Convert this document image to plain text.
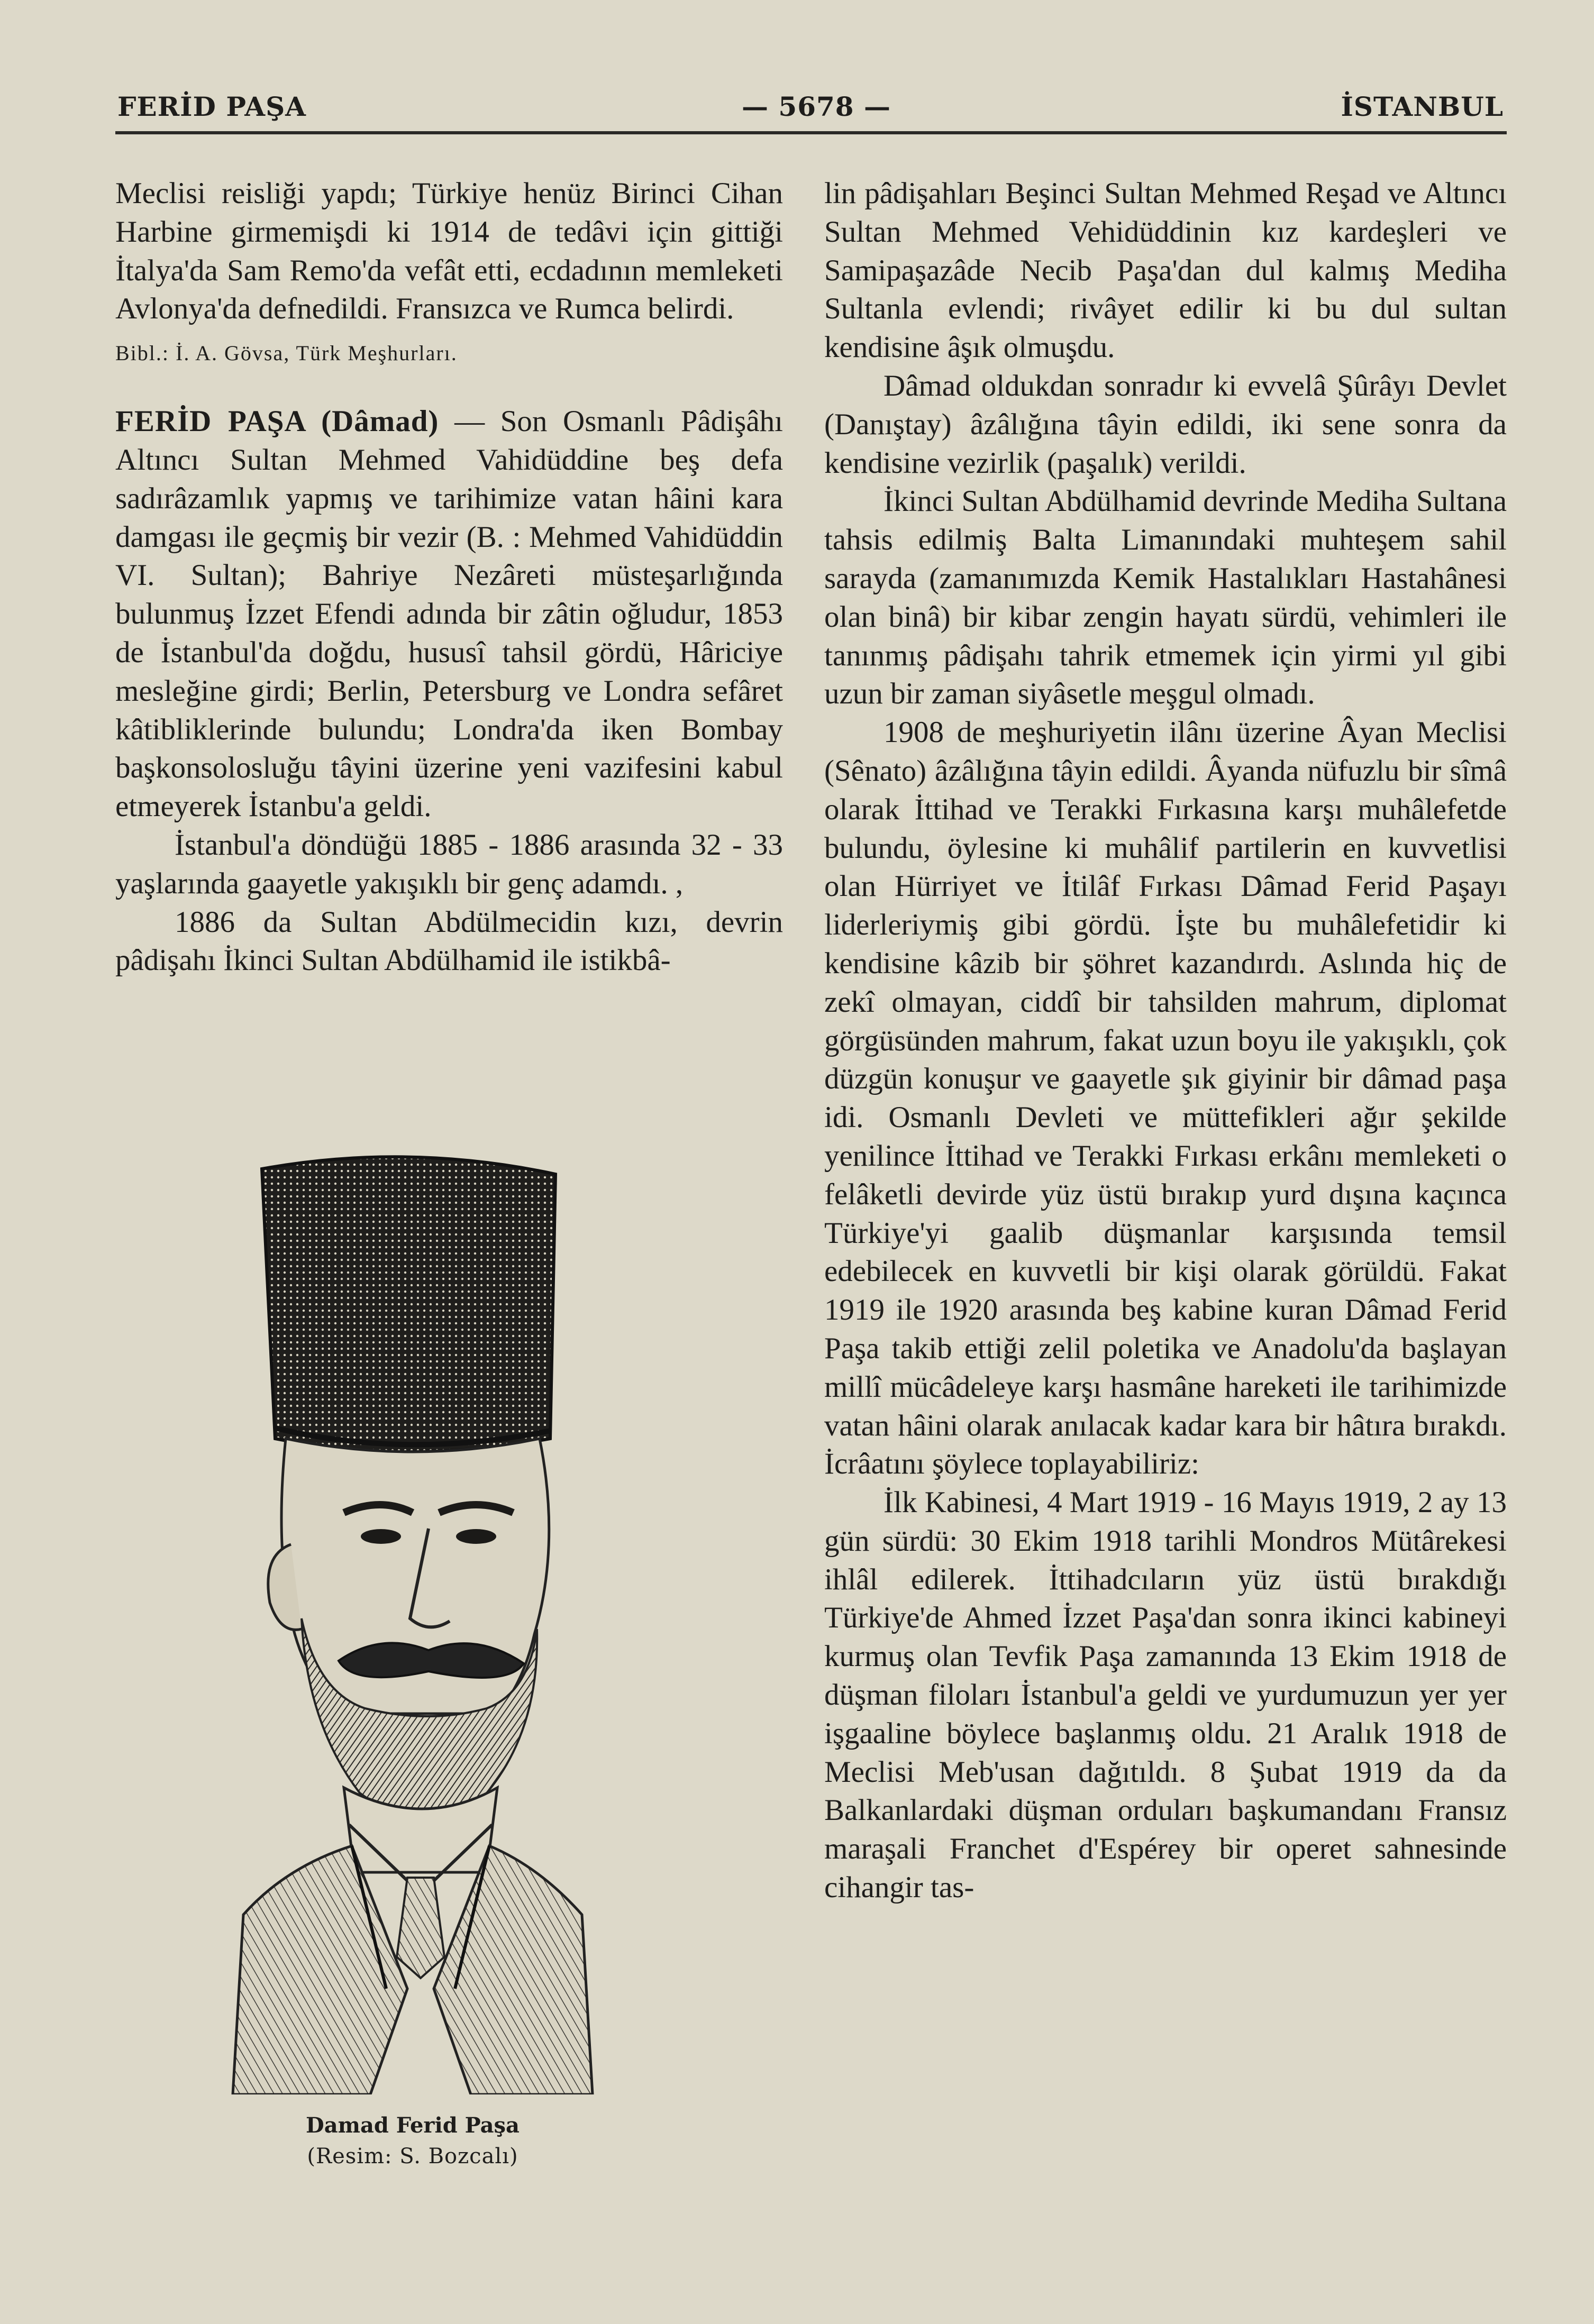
FERİD PAŞA	— 5678 —	İSTANBUL

Meclisi reisliği yapdı; Türkiye henüz Birinci Cihan Harbine girmemişdi ki 1914 de tedâvi için gittiği İtalya'da Sam Remo'da vefât etti, ecdadının memleketi Avlonya'da defnedildi. Fransızca ve Rumca belirdi.

Bibl.: İ. A. Gövsa, Türk Meşhurları.

FERİD PAŞA (Dâmad) — Son Osmanlı Pâdişâhı Altıncı Sultan Mehmed Vahidüddine beş defa sadırâzamlık yapmış ve tarihimize vatan hâini kara damgası ile geçmiş bir vezir (B. : Mehmed Vahidüddin VI. Sultan); Bahriye Nezâreti müsteşarlığında bulunmuş İzzet Efendi adında bir zâtin oğludur, 1853 de İstanbul'da doğdu, hususî tahsil gördü, Hâriciye mesleğine girdi; Berlin, Petersburg ve Londra sefâret kâtibliklerinde bulundu; Londra'da iken Bombay başkonsolosluğu tâyini üzerine yeni vazifesini kabul etmeyerek İstanbu'a geldi.

İstanbul'a döndüğü 1885 - 1886 arasında 32 - 33 yaşlarında gaayetle yakışıklı bir genç adamdı. ,

1886 da Sultan Abdülmecidin kızı, devrin pâdişahı İkinci Sultan Abdülhamid ile istikbâ-

Damad Ferid Paşa
(Resim: S. Bozcalı)

lin pâdişahları Beşinci Sultan Mehmed Reşad ve Altıncı Sultan Mehmed Vehidüddinin kız kardeşleri ve Samipaşazâde Necib Paşa'dan dul kalmış Mediha Sultanla evlendi; rivâyet edilir ki bu dul sultan kendisine âşık olmuşdu.

Dâmad oldukdan sonradır ki evvelâ Şûrâyı Devlet (Danıştay) âzâlığına tâyin edildi, iki sene sonra da kendisine vezirlik (paşalık) verildi.

İkinci Sultan Abdülhamid devrinde Mediha Sultana tahsis edilmiş Balta Limanındaki muhteşem sahil sarayda (zamanımızda Kemik Hastalıkları Hastahânesi olan binâ) bir kibar zengin hayatı sürdü, vehimleri ile tanınmış pâdişahı tahrik etmemek için yirmi yıl gibi uzun bir zaman siyâsetle meşgul olmadı.

1908 de meşhuriyetin ilânı üzerine Âyan Meclisi (Sênato) âzâlığına tâyin edildi. Âyanda nüfuzlu bir sîmâ olarak İttihad ve Terakki Fırkasına karşı muhâlefetde bulundu, öylesine ki muhâlif partilerin en kuvvetlisi olan Hürriyet ve İtilâf Fırkası Dâmad Ferid Paşayı liderleriymiş gibi gördü. İşte bu muhâlefetidir ki kendisine kâzib bir şöhret kazandırdı. Aslında hiç de zekî olmayan, ciddî bir tahsilden mahrum, diplomat görgüsünden mahrum, fakat uzun boyu ile yakışıklı, çok düzgün konuşur ve gaayetle şık giyinir bir dâmad paşa idi. Osmanlı Devleti ve müttefikleri ağır şekilde yenilince İttihad ve Terakki Fırkası erkânı memleketi o felâketli devirde yüz üstü bırakıp yurd dışına kaçınca Türkiye'yi gaalib düşmanlar karşısında temsil edebilecek en kuvvetli bir kişi olarak görüldü. Fakat 1919 ile 1920 arasında beş kabine kuran Dâmad Ferid Paşa takib ettiği zelil poletika ve Anadolu'da başlayan millî mücâdeleye karşı hasmâne hareketi ile tarihimizde vatan hâini olarak anılacak kadar kara bir hâtıra bırakdı. İcrâatını şöylece toplayabiliriz:

İlk Kabinesi, 4 Mart 1919 - 16 Mayıs 1919, 2 ay 13 gün sürdü: 30 Ekim 1918 tarihli Mondros Mütârekesi ihlâl edilerek. İttihadcıların yüz üstü bırakdığı Türkiye'de Ahmed İzzet Paşa'dan sonra ikinci kabineyi kurmuş olan Tevfik Paşa zamanında 13 Ekim 1918 de düşman filoları İstanbul'a geldi ve yurdumuzun yer yer işgaaline böylece başlanmış oldu. 21 Aralık 1918 de Meclisi Meb'usan dağıtıldı. 8 Şubat 1919 da da Balkanlardaki düşman orduları başkumandanı Fransız maraşali Franchet d'Espérey bir operet sahnesinde cihangir tas-
